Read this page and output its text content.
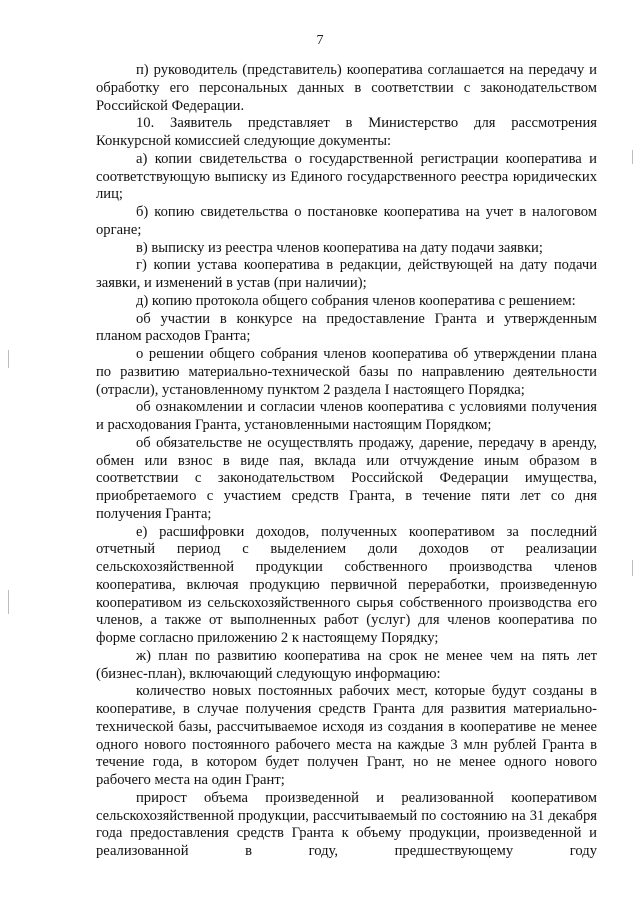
7

п) руководитель (представитель) кооператива соглашается на передачу и обработку его персональных данных в соответствии с законодательством Российской Федерации.

10. Заявитель представляет в Министерство для рассмотрения Конкурсной комиссией следующие документы:

а) копии свидетельства о государственной регистрации кооператива и соответствующую выписку из Единого государственного реестра юридических лиц;

б) копию свидетельства о постановке кооператива на учет в налоговом органе;

в) выписку из реестра членов кооператива на дату подачи заявки;

г) копии устава кооператива в редакции, действующей на дату подачи заявки, и изменений в устав (при наличии);

д) копию протокола общего собрания членов кооператива с решением:

об участии в конкурсе на предоставление Гранта и утвержденным планом расходов Гранта;

о решении общего собрания членов кооператива об утверждении плана по развитию материально-технической базы по направлению деятельности (отрасли), установленному пунктом 2 раздела I настоящего Порядка;

об ознакомлении и согласии членов кооператива с условиями получения и расходования Гранта, установленными настоящим Порядком;

об обязательстве не осуществлять продажу, дарение, передачу в аренду, обмен или взнос в виде пая, вклада или отчуждение иным образом в соответствии с законодательством Российской Федерации имущества, приобретаемого с участием средств Гранта, в течение пяти лет со дня получения Гранта;

е) расшифровки доходов, полученных кооперативом за последний отчетный период с выделением доли доходов от реализации сельскохозяйственной продукции собственного производства членов кооператива, включая продукцию первичной переработки, произведенную кооперативом из сельскохозяйственного сырья собственного производства его членов, а также от выполненных работ (услуг) для членов кооператива по форме согласно приложению 2 к настоящему Порядку;

ж) план по развитию кооператива на срок не менее чем на пять лет (бизнес-план), включающий следующую информацию:

количество новых постоянных рабочих мест, которые будут созданы в кооперативе, в случае получения средств Гранта для развития материально-технической базы, рассчитываемое исходя из создания в кооперативе не менее одного нового постоянного рабочего места на каждые 3 млн рублей Гранта в течение года, в котором будет получен Грант, но не менее одного нового рабочего места на один Грант;

прирост объема произведенной и реализованной кооперативом сельскохозяйственной продукции, рассчитываемый по состоянию на 31 декабря года предоставления средств Гранта к объему продукции, произведенной и реализованной в году, предшествующему году
